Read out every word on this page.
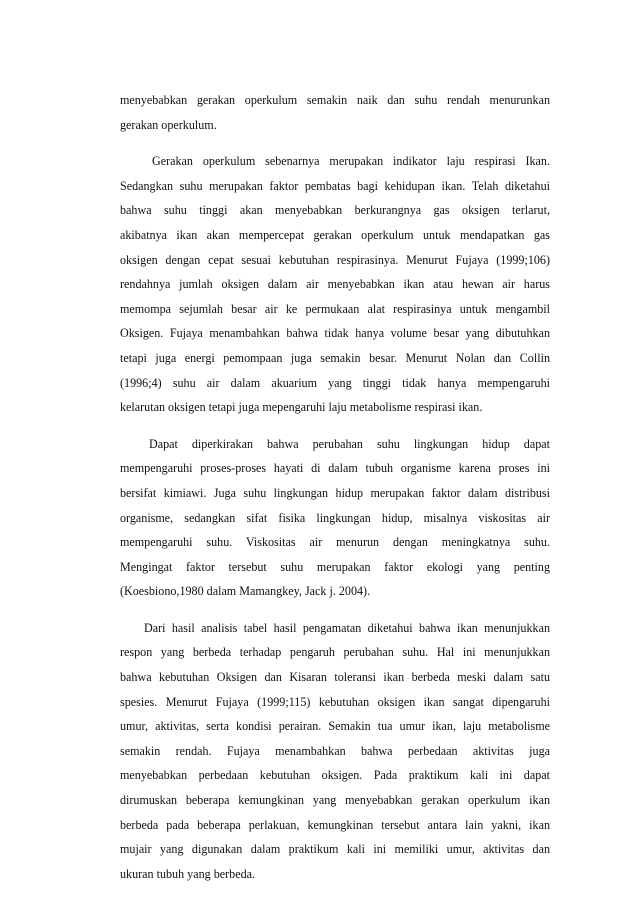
menyebabkan gerakan operkulum semakin naik dan suhu rendah menurunkan
gerakan operkulum.
Gerakan operkulum sebenarnya merupakan indikator laju respirasi Ikan.
Sedangkan suhu merupakan faktor pembatas bagi kehidupan ikan. Telah diketahui
bahwa suhu tinggi akan menyebabkan berkurangnya gas oksigen terlarut,
akibatnya ikan akan mempercepat gerakan operkulum untuk mendapatkan gas
oksigen dengan cepat sesuai kebutuhan respirasinya. Menurut Fujaya (1999;106)
rendahnya jumlah oksigen dalam air menyebabkan ikan atau hewan air harus
memompa sejumlah besar air ke permukaan alat respirasinya untuk mengambil
Oksigen. Fujaya menambahkan bahwa tidak hanya volume besar yang dibutuhkan
tetapi juga energi pemompaan juga semakin besar. Menurut Nolan dan Collin
(1996;4) suhu air dalam akuarium yang tinggi tidak hanya mempengaruhi
kelarutan oksigen tetapi juga mepengaruhi laju metabolisme respirasi ikan.
Dapat diperkirakan bahwa perubahan suhu lingkungan hidup dapat
mempengaruhi proses-proses hayati di dalam tubuh organisme karena proses ini
bersifat kimiawi. Juga suhu lingkungan hidup merupakan faktor dalam distribusi
organisme, sedangkan sifat fisika lingkungan hidup, misalnya viskositas air
mempengaruhi suhu. Viskositas air menurun dengan meningkatnya suhu.
Mengingat faktor tersebut suhu merupakan faktor ekologi yang penting
(Koesbiono,1980 dalam Mamangkey, Jack j. 2004).
Dari hasil analisis tabel hasil pengamatan diketahui bahwa ikan menunjukkan
respon yang berbeda terhadap pengaruh perubahan suhu. Hal ini menunjukkan
bahwa kebutuhan Oksigen dan Kisaran toleransi ikan berbeda meski dalam satu
spesies. Menurut Fujaya (1999;115) kebutuhan oksigen ikan sangat dipengaruhi
umur, aktivitas, serta kondisi perairan. Semakin tua umur ikan, laju metabolisme
semakin rendah. Fujaya menambahkan bahwa perbedaan aktivitas juga
menyebabkan perbedaan kebutuhan oksigen. Pada praktikum kali ini dapat
dirumuskan beberapa kemungkinan yang menyebabkan gerakan operkulum ikan
berbeda pada beberapa perlakuan, kemungkinan tersebut antara lain yakni, ikan
mujair yang digunakan dalam praktikum kali ini memiliki umur, aktivitas dan
ukuran tubuh yang berbeda.
